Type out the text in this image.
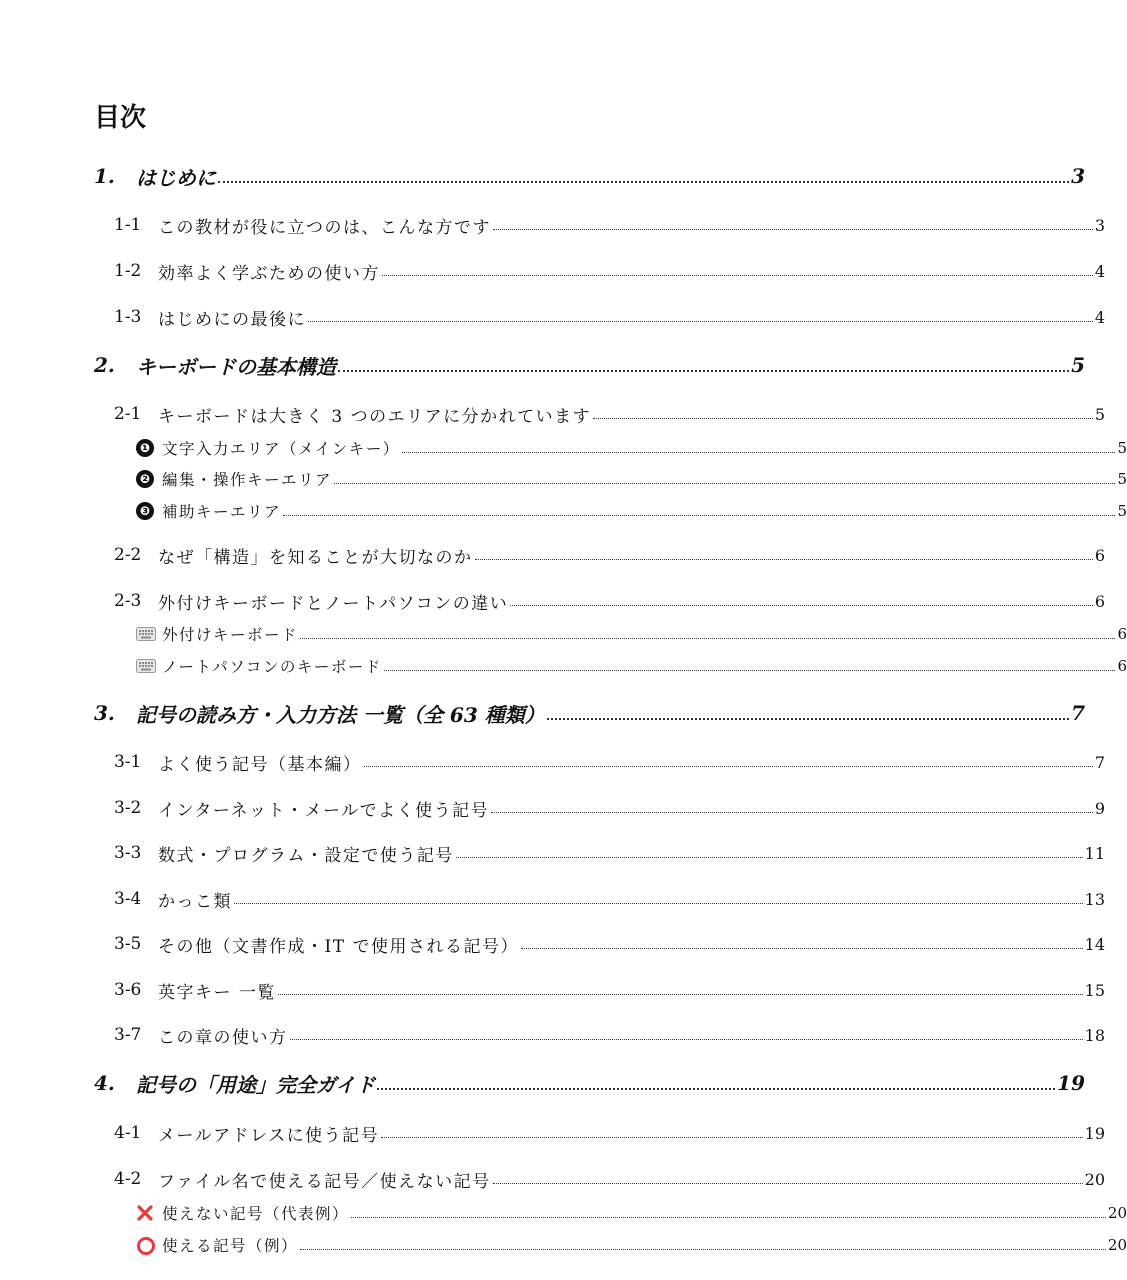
目次
1.	はじめに	3
1-1 この教材が役に立つのは、こんな方です	3
1-2 効率よく学ぶための使い方	4
1-3 はじめにの最後に	4
2.	キーボードの基本構造	5
2-1 キーボードは大きく 3 つのエリアに分かれています	5
❶ 文字入力エリア（メインキー）	5
❷ 編集・操作キーエリア	5
❸ 補助キーエリア	5
2-2 なぜ「構造」を知ることが大切なのか	6
2-3 外付けキーボードとノートパソコンの違い	6
外付けキーボード	6
ノートパソコンのキーボード	6
3.	記号の読み方・入力方法 一覧（全 63 種類）	7
3-1 よく使う記号（基本編）	7
3-2 インターネット・メールでよく使う記号	9
3-3 数式・プログラム・設定で使う記号	11
3-4 かっこ類	13
3-5 その他（文書作成・IT で使用される記号）	14
3-6 英字キー 一覧	15
3-7 この章の使い方	18
4.	記号の「用途」完全ガイド	19
4-1 メールアドレスに使う記号	19
4-2 ファイル名で使える記号／使えない記号	20
使えない記号（代表例）	20
使える記号（例）	20
